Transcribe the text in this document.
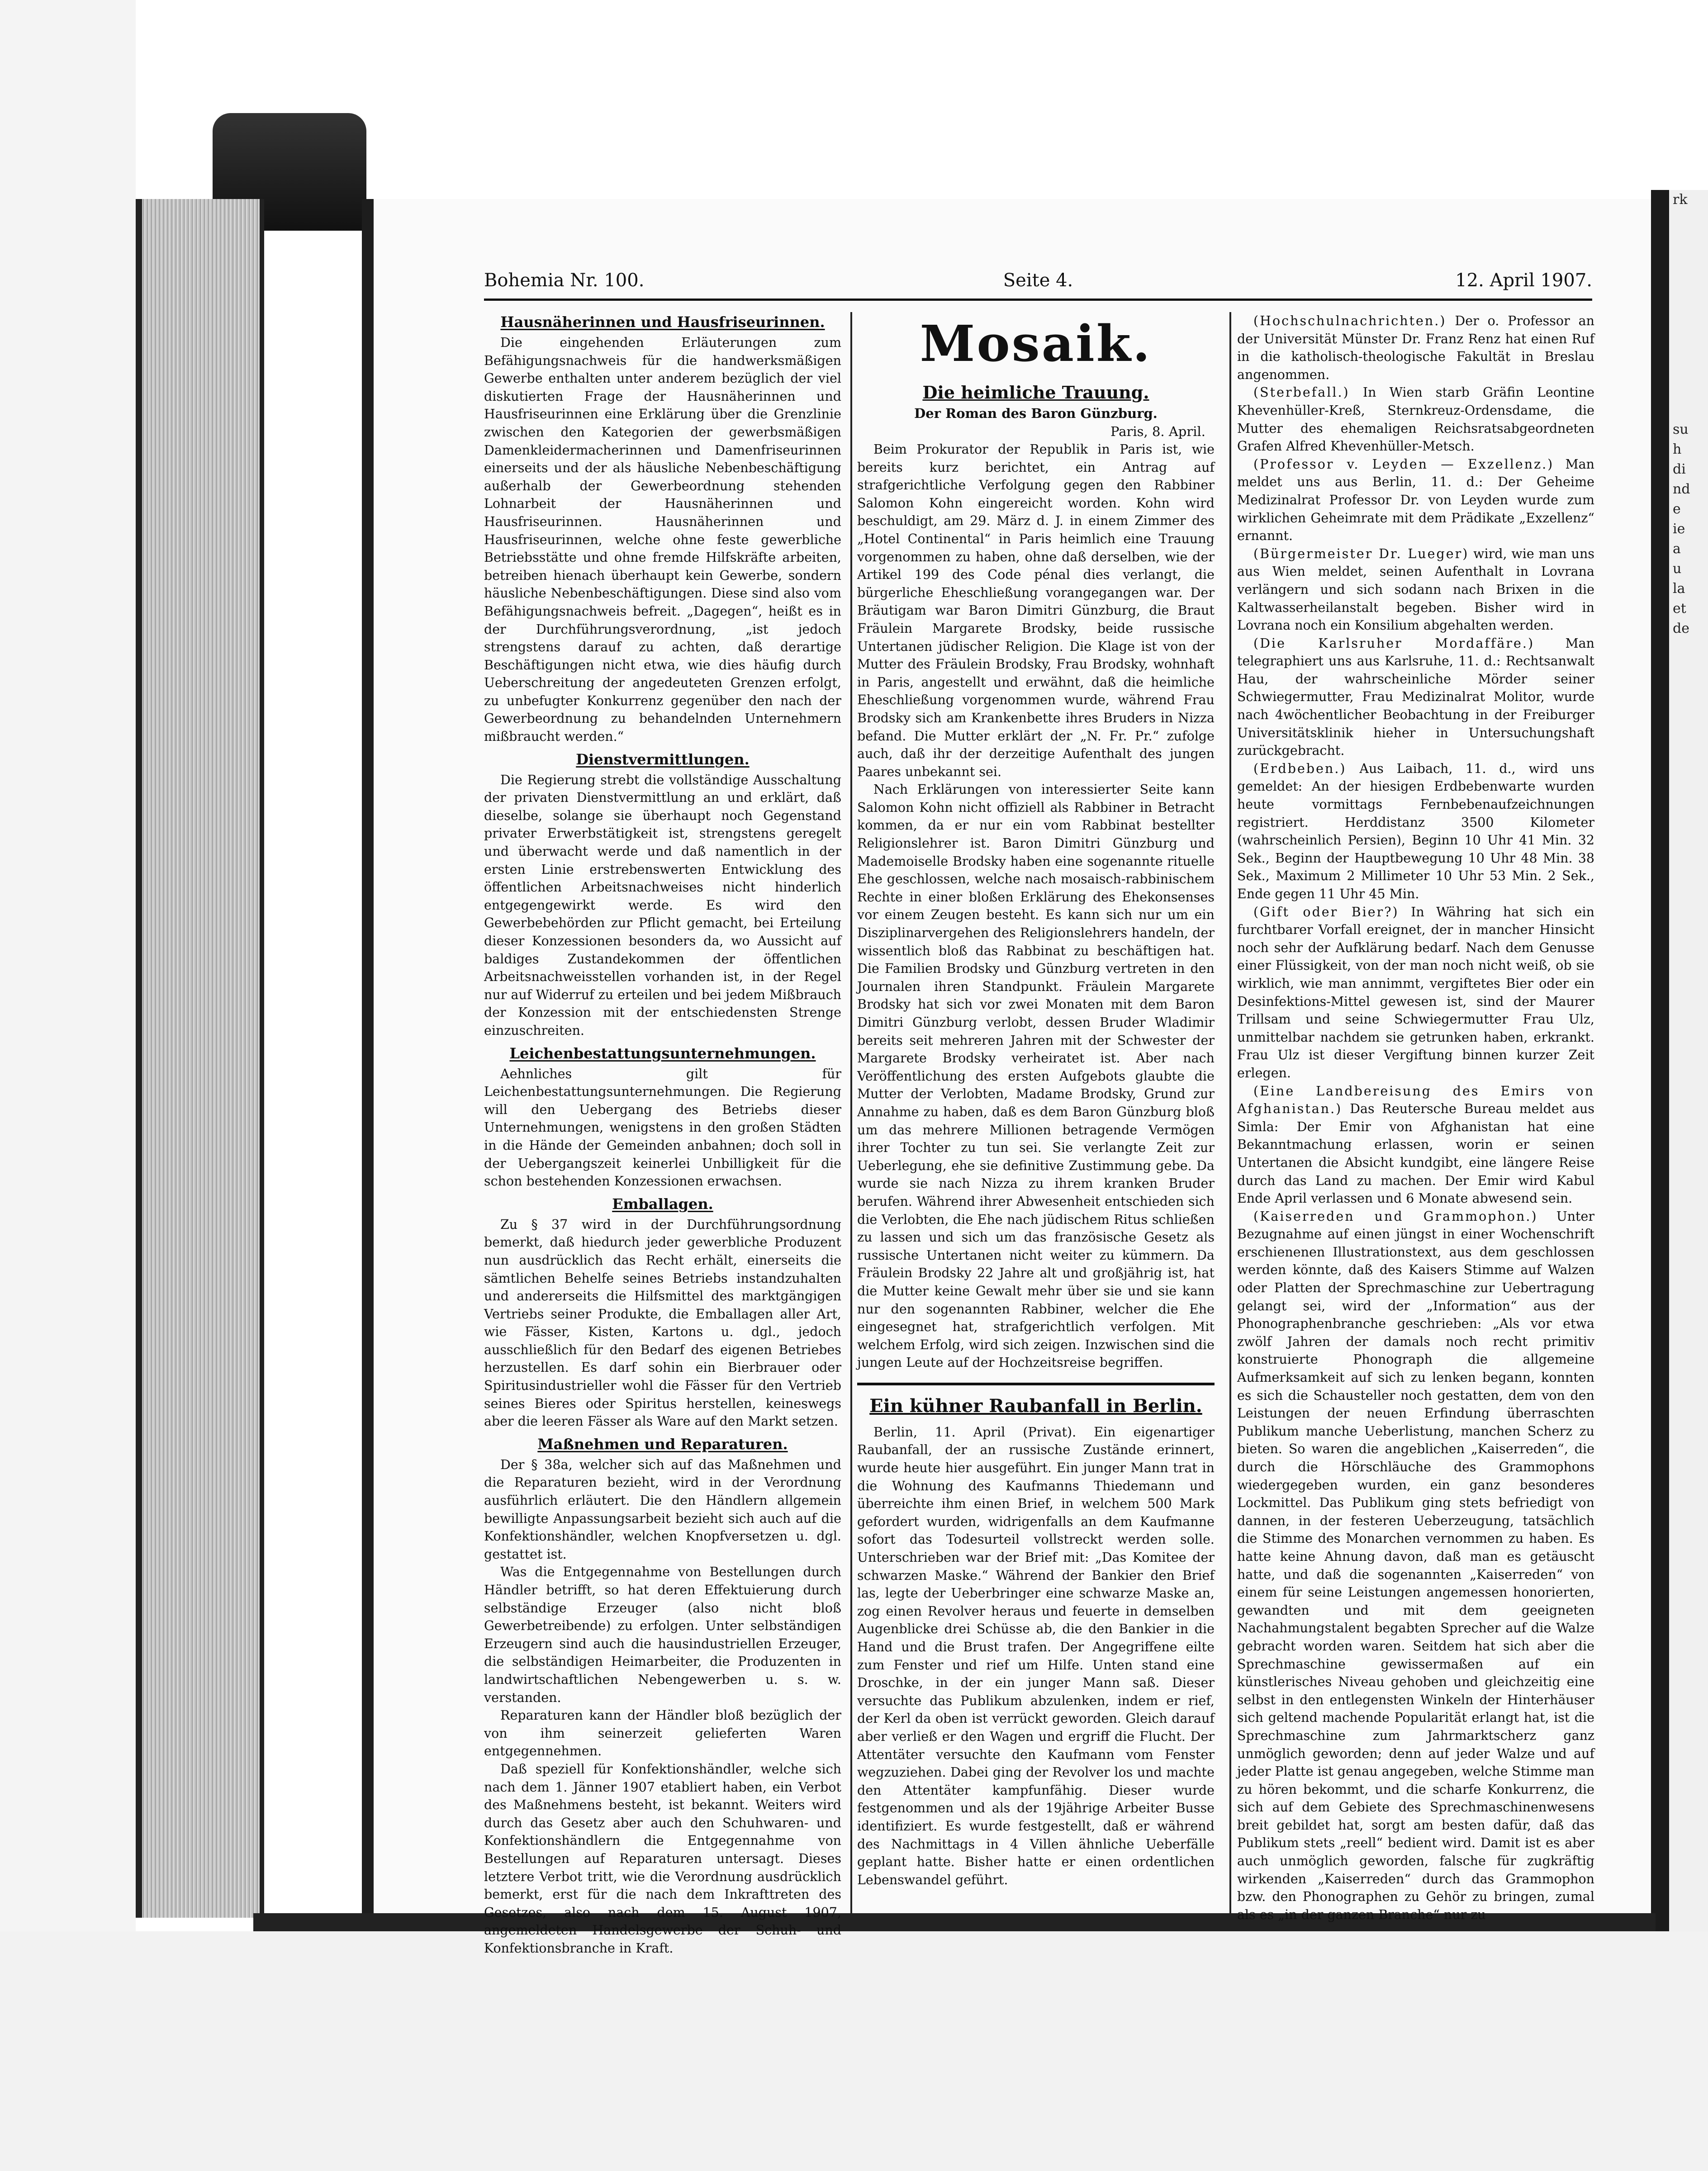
rk

su
h
di
nd
e
ie
a
u
la
et
de
Bohemia Nr. 100.	Seite 4.	12. April 1907.
Hausnäherinnen und Hausfriseurinnen.

Die eingehenden Erläuterungen zum Befähigungsnachweis für die handwerksmäßigen Gewerbe enthalten unter anderem bezüglich der viel diskutierten Frage der Hausnäherinnen und Hausfriseurinnen eine Erklärung über die Grenzlinie zwischen den Kategorien der gewerbsmäßigen Damenkleidermacherinnen und Damenfriseurinnen einerseits und der als häusliche Nebenbeschäftigung außerhalb der Gewerbeordnung stehenden Lohnarbeit der Hausnäherinnen und Hausfriseurinnen. Hausnäherinnen und Hausfriseurinnen, welche ohne feste gewerbliche Betriebsstätte und ohne fremde Hilfskräfte arbeiten, betreiben hienach überhaupt kein Gewerbe, sondern häusliche Nebenbeschäftigungen. Diese sind also vom Befähigungsnachweis befreit. „Dagegen“, heißt es in der Durchführungsverordnung, „ist jedoch strengstens darauf zu achten, daß derartige Beschäftigungen nicht etwa, wie dies häufig durch Ueberschreitung der angedeuteten Grenzen erfolgt, zu unbefugter Konkurrenz gegenüber den nach der Gewerbeordnung zu behandelnden Unternehmern mißbraucht werden.“

Dienstvermittlungen.

Die Regierung strebt die vollständige Ausschaltung der privaten Dienstvermittlung an und erklärt, daß dieselbe, solange sie überhaupt noch Gegenstand privater Erwerbstätigkeit ist, strengstens geregelt und überwacht werde und daß namentlich in der ersten Linie erstrebenswerten Entwicklung des öffentlichen Arbeitsnachweises nicht hinderlich entgegengewirkt werde. Es wird den Gewerbebehörden zur Pflicht gemacht, bei Erteilung dieser Konzessionen besonders da, wo Aussicht auf baldiges Zustandekommen der öffentlichen Arbeitsnachweisstellen vorhanden ist, in der Regel nur auf Widerruf zu erteilen und bei jedem Mißbrauch der Konzession mit der entschiedensten Strenge einzuschreiten.

Leichenbestattungsunternehmungen.

Aehnliches gilt für Leichenbestattungsunternehmungen. Die Regierung will den Uebergang des Betriebs dieser Unternehmungen, wenigstens in den großen Städten in die Hände der Gemeinden anbahnen; doch soll in der Uebergangszeit keinerlei Unbilligkeit für die schon bestehenden Konzessionen erwachsen.

Emballagen.

Zu § 37 wird in der Durchführungsordnung bemerkt, daß hiedurch jeder gewerbliche Produzent nun ausdrücklich das Recht erhält, einerseits die sämtlichen Behelfe seines Betriebs instandzuhalten und andererseits die Hilfsmittel des marktgängigen Vertriebs seiner Produkte, die Emballagen aller Art, wie Fässer, Kisten, Kartons u. dgl., jedoch ausschließlich für den Bedarf des eigenen Betriebes herzustellen. Es darf sohin ein Bierbrauer oder Spiritusindustrieller wohl die Fässer für den Vertrieb seines Bieres oder Spiritus herstellen, keineswegs aber die leeren Fässer als Ware auf den Markt setzen.

Maßnehmen und Reparaturen.

Der § 38a, welcher sich auf das Maßnehmen und die Reparaturen bezieht, wird in der Verordnung ausführlich erläutert. Die den Händlern allgemein bewilligte Anpassungsarbeit bezieht sich auch auf die Konfektionshändler, welchen Knopfversetzen u. dgl. gestattet ist.

Was die Entgegennahme von Bestellungen durch Händler betrifft, so hat deren Effektuierung durch selbständige Erzeuger (also nicht bloß Gewerbetreibende) zu erfolgen. Unter selbständigen Erzeugern sind auch die hausindustriellen Erzeuger, die selbständigen Heimarbeiter, die Produzenten in landwirtschaftlichen Nebengewerben u. s. w. verstanden.

Reparaturen kann der Händler bloß bezüglich der von ihm seinerzeit gelieferten Waren entgegennehmen.

Daß speziell für Konfektionshändler, welche sich nach dem 1. Jänner 1907 etabliert haben, ein Verbot des Maßnehmens besteht, ist bekannt. Weiters wird durch das Gesetz aber auch den Schuhwaren- und Konfektionshändlern die Entgegennahme von Bestellungen auf Reparaturen untersagt. Dieses letztere Verbot tritt, wie die Verordnung ausdrücklich bemerkt, erst für die nach dem Inkrafttreten des Gesetzes, also nach dem 15. August 1907, angemeldeten Handelsgewerbe der Schuh- und Konfektionsbranche in Kraft.

Mosaik.
Die heimliche Trauung.
Der Roman des Baron Günzburg.
Paris, 8. April.

Beim Prokurator der Republik in Paris ist, wie bereits kurz berichtet, ein Antrag auf strafgerichtliche Verfolgung gegen den Rabbiner Salomon Kohn eingereicht worden. Kohn wird beschuldigt, am 29. März d. J. in einem Zimmer des „Hotel Continental“ in Paris heimlich eine Trauung vorgenommen zu haben, ohne daß derselben, wie der Artikel 199 des Code pénal dies verlangt, die bürgerliche Eheschließung vorangegangen war. Der Bräutigam war Baron Dimitri Günzburg, die Braut Fräulein Margarete Brodsky, beide russische Untertanen jüdischer Religion. Die Klage ist von der Mutter des Fräulein Brodsky, Frau Brodsky, wohnhaft in Paris, angestellt und erwähnt, daß die heimliche Eheschließung vorgenommen wurde, während Frau Brodsky sich am Krankenbette ihres Bruders in Nizza befand. Die Mutter erklärt der „N. Fr. Pr.“ zufolge auch, daß ihr der derzeitige Aufenthalt des jungen Paares unbekannt sei.

Nach Erklärungen von interessierter Seite kann Salomon Kohn nicht offiziell als Rabbiner in Betracht kommen, da er nur ein vom Rabbinat bestellter Religionslehrer ist. Baron Dimitri Günzburg und Mademoiselle Brodsky haben eine sogenannte rituelle Ehe geschlossen, welche nach mosaisch-rabbinischem Rechte in einer bloßen Erklärung des Ehekonsenses vor einem Zeugen besteht. Es kann sich nur um ein Disziplinarvergehen des Religionslehrers handeln, der wissentlich bloß das Rabbinat zu beschäftigen hat. Die Familien Brodsky und Günzburg vertreten in den Journalen ihren Standpunkt. Fräulein Margarete Brodsky hat sich vor zwei Monaten mit dem Baron Dimitri Günzburg verlobt, dessen Bruder Wladimir bereits seit mehreren Jahren mit der Schwester der Margarete Brodsky verheiratet ist. Aber nach Veröffentlichung des ersten Aufgebots glaubte die Mutter der Verlobten, Madame Brodsky, Grund zur Annahme zu haben, daß es dem Baron Günzburg bloß um das mehrere Millionen betragende Vermögen ihrer Tochter zu tun sei. Sie verlangte Zeit zur Ueberlegung, ehe sie definitive Zustimmung gebe. Da wurde sie nach Nizza zu ihrem kranken Bruder berufen. Während ihrer Abwesenheit entschieden sich die Verlobten, die Ehe nach jüdischem Ritus schließen zu lassen und sich um das französische Gesetz als russische Untertanen nicht weiter zu kümmern. Da Fräulein Brodsky 22 Jahre alt und großjährig ist, hat die Mutter keine Gewalt mehr über sie und sie kann nur den sogenannten Rabbiner, welcher die Ehe eingesegnet hat, strafgerichtlich verfolgen. Mit welchem Erfolg, wird sich zeigen. Inzwischen sind die jungen Leute auf der Hochzeitsreise begriffen.

Ein kühner Raubanfall in Berlin.

Berlin, 11. April (Privat). Ein eigenartiger Raubanfall, der an russische Zustände erinnert, wurde heute hier ausgeführt. Ein junger Mann trat in die Wohnung des Kaufmanns Thiedemann und überreichte ihm einen Brief, in welchem 500 Mark gefordert wurden, widrigenfalls an dem Kaufmanne sofort das Todesurteil vollstreckt werden solle. Unterschrieben war der Brief mit: „Das Komitee der schwarzen Maske.“ Während der Bankier den Brief las, legte der Ueberbringer eine schwarze Maske an, zog einen Revolver heraus und feuerte in demselben Augenblicke drei Schüsse ab, die den Bankier in die Hand und die Brust trafen. Der Angegriffene eilte zum Fenster und rief um Hilfe. Unten stand eine Droschke, in der ein junger Mann saß. Dieser versuchte das Publikum abzulenken, indem er rief, der Kerl da oben ist verrückt geworden. Gleich darauf aber verließ er den Wagen und ergriff die Flucht. Der Attentäter versuchte den Kaufmann vom Fenster wegzuziehen. Dabei ging der Revolver los und machte den Attentäter kampfunfähig. Dieser wurde festgenommen und als der 19jährige Arbeiter Busse identifiziert. Es wurde festgestellt, daß er während des Nachmittags in 4 Villen ähnliche Ueberfälle geplant hatte. Bisher hatte er einen ordentlichen Lebenswandel geführt.

(Hochschulnachrichten.) Der o. Professor an der Universität Münster Dr. Franz Renz hat einen Ruf in die katholisch-theologische Fakultät in Breslau angenommen.

(Sterbefall.) In Wien starb Gräfin Leontine Khevenhüller-Kreß, Sternkreuz-Ordensdame, die Mutter des ehemaligen Reichsratsabgeordneten Grafen Alfred Khevenhüller-Metsch.

(Professor v. Leyden — Exzellenz.) Man meldet uns aus Berlin, 11. d.: Der Geheime Medizinalrat Professor Dr. von Leyden wurde zum wirklichen Geheimrate mit dem Prädikate „Exzellenz“ ernannt.

(Bürgermeister Dr. Lueger) wird, wie man uns aus Wien meldet, seinen Aufenthalt in Lovrana verlängern und sich sodann nach Brixen in die Kaltwasserheilanstalt begeben. Bisher wird in Lovrana noch ein Konsilium abgehalten werden.

(Die Karlsruher Mordaffäre.) Man telegraphiert uns aus Karlsruhe, 11. d.: Rechtsanwalt Hau, der wahrscheinliche Mörder seiner Schwiegermutter, Frau Medizinalrat Molitor, wurde nach 4wöchentlicher Beobachtung in der Freiburger Universitätsklinik hieher in Untersuchungshaft zurückgebracht.

(Erdbeben.) Aus Laibach, 11. d., wird uns gemeldet: An der hiesigen Erdbebenwarte wurden heute vormittags Fernbebenaufzeichnungen registriert. Herddistanz 3500 Kilometer (wahrscheinlich Persien), Beginn 10 Uhr 41 Min. 32 Sek., Beginn der Hauptbewegung 10 Uhr 48 Min. 38 Sek., Maximum 2 Millimeter 10 Uhr 53 Min. 2 Sek., Ende gegen 11 Uhr 45 Min.

(Gift oder Bier?) In Währing hat sich ein furchtbarer Vorfall ereignet, der in mancher Hinsicht noch sehr der Aufklärung bedarf. Nach dem Genusse einer Flüssigkeit, von der man noch nicht weiß, ob sie wirklich, wie man annimmt, vergiftetes Bier oder ein Desinfektions-Mittel gewesen ist, sind der Maurer Trillsam und seine Schwiegermutter Frau Ulz, unmittelbar nachdem sie getrunken haben, erkrankt. Frau Ulz ist dieser Vergiftung binnen kurzer Zeit erlegen.

(Eine Landbereisung des Emirs von Afghanistan.) Das Reutersche Bureau meldet aus Simla: Der Emir von Afghanistan hat eine Bekanntmachung erlassen, worin er seinen Untertanen die Absicht kundgibt, eine längere Reise durch das Land zu machen. Der Emir wird Kabul Ende April verlassen und 6 Monate abwesend sein.

(Kaiserreden und Grammophon.) Unter Bezugnahme auf einen jüngst in einer Wochenschrift erschienenen Illustrationstext, aus dem geschlossen werden könnte, daß des Kaisers Stimme auf Walzen oder Platten der Sprechmaschine zur Uebertragung gelangt sei, wird der „Information“ aus der Phonographenbranche geschrieben: „Als vor etwa zwölf Jahren der damals noch recht primitiv konstruierte Phonograph die allgemeine Aufmerksamkeit auf sich zu lenken begann, konnten es sich die Schausteller noch gestatten, dem von den Leistungen der neuen Erfindung überraschten Publikum manche Ueberlistung, manchen Scherz zu bieten. So waren die angeblichen „Kaiserreden“, die durch die Hörschläuche des Grammophons wiedergegeben wurden, ein ganz besonderes Lockmittel. Das Publikum ging stets befriedigt von dannen, in der festeren Ueberzeugung, tatsächlich die Stimme des Monarchen vernommen zu haben. Es hatte keine Ahnung davon, daß man es getäuscht hatte, und daß die sogenannten „Kaiserreden“ von einem für seine Leistungen angemessen honorierten, gewandten und mit dem geeigneten Nachahmungstalent begabten Sprecher auf die Walze gebracht worden waren. Seitdem hat sich aber die Sprechmaschine gewissermaßen auf ein künstlerisches Niveau gehoben und gleichzeitig eine selbst in den entlegensten Winkeln der Hinterhäuser sich geltend machende Popularität erlangt hat, ist die Sprechmaschine zum Jahrmarktscherz ganz unmöglich geworden; denn auf jeder Walze und auf jeder Platte ist genau angegeben, welche Stimme man zu hören bekommt, und die scharfe Konkurrenz, die sich auf dem Gebiete des Sprechmaschinenwesens breit gebildet hat, sorgt am besten dafür, daß das Publikum stets „reell“ bedient wird. Damit ist es aber auch unmöglich geworden, falsche für zugkräftig wirkenden „Kaiserreden“ durch das Grammophon bzw. den Phonographen zu Gehör zu bringen, zumal als es „in der ganzen Branche“ nur zu
